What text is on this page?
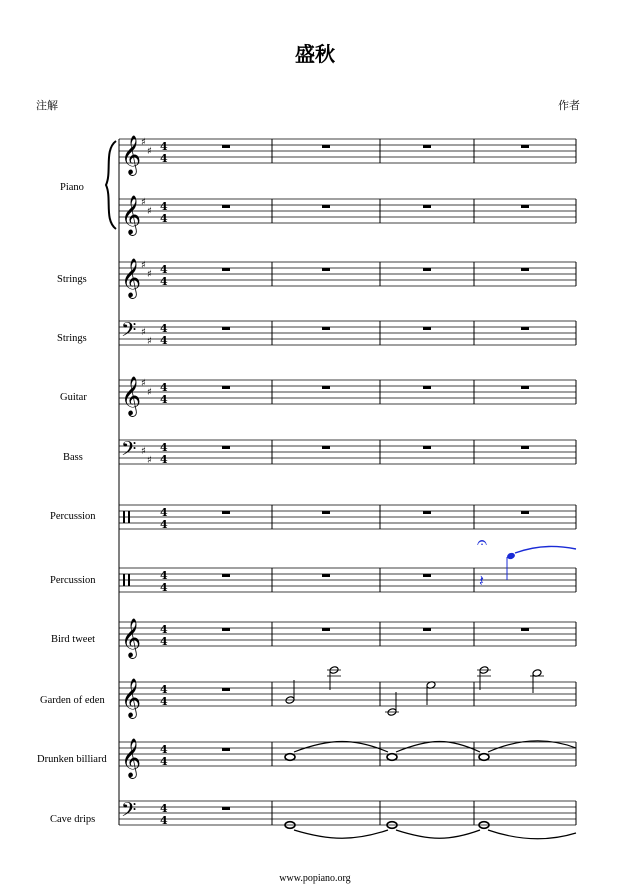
盛秋
注解	作者
Piano
Strings
Strings
Guitar
Bass
Percussion
Percussion
Bird tweet
Garden of eden
Drunken billiard
Cave drips
𝄞 ♯
♯ 4
4
𝄞 ♯
♯ 4
4
𝄞 ♯
♯ 4
4
𝄢 ♯
♯
4
4
𝄞 ♯
♯ 4
4
𝄢 ♯
♯
4
4
4
4
4
4
𝄞 4
4
𝄞 4
4
𝄞 4
4
𝄢 4
4
𝄐
𝄽
www.popiano.org
